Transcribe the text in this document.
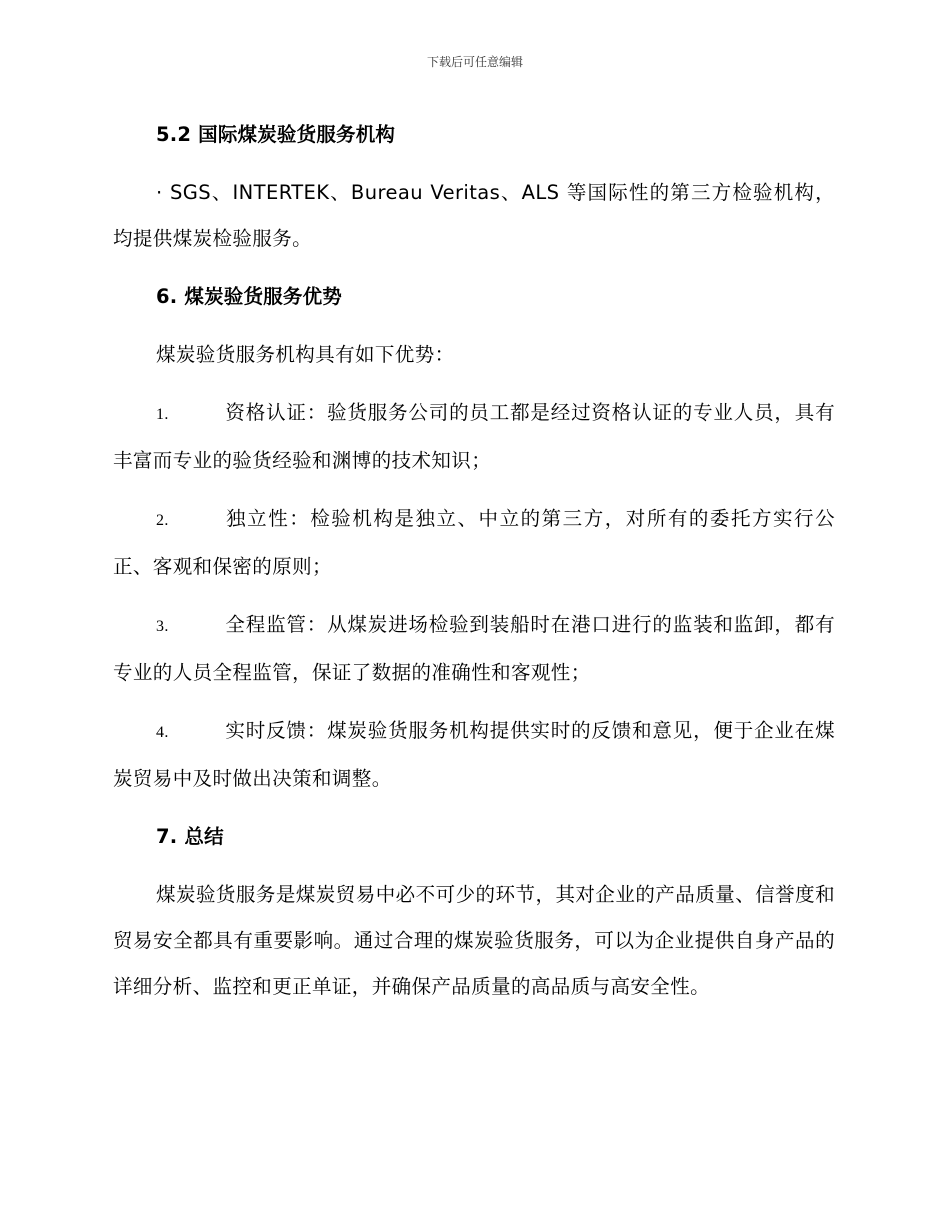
下载后可任意编辑
5.2 国际煤炭验货服务机构
· SGS、INTERTEK、Bureau Veritas、ALS 等国际性的第三方检验机构，均提供煤炭检验服务。
6. 煤炭验货服务优势
煤炭验货服务机构具有如下优势：
1.	资格认证：验货服务公司的员工都是经过资格认证的专业人员，具有丰富而专业的验货经验和渊博的技术知识；
2.	独立性：检验机构是独立、中立的第三方，对所有的委托方实行公正、客观和保密的原则；
3.	全程监管：从煤炭进场检验到装船时在港口进行的监装和监卸，都有专业的人员全程监管，保证了数据的准确性和客观性；
4.	实时反馈：煤炭验货服务机构提供实时的反馈和意见，便于企业在煤炭贸易中及时做出决策和调整。
7. 总结
煤炭验货服务是煤炭贸易中必不可少的环节，其对企业的产品质量、信誉度和贸易安全都具有重要影响。通过合理的煤炭验货服务，可以为企业提供自身产品的详细分析、监控和更正单证，并确保产品质量的高品质与高安全性。
